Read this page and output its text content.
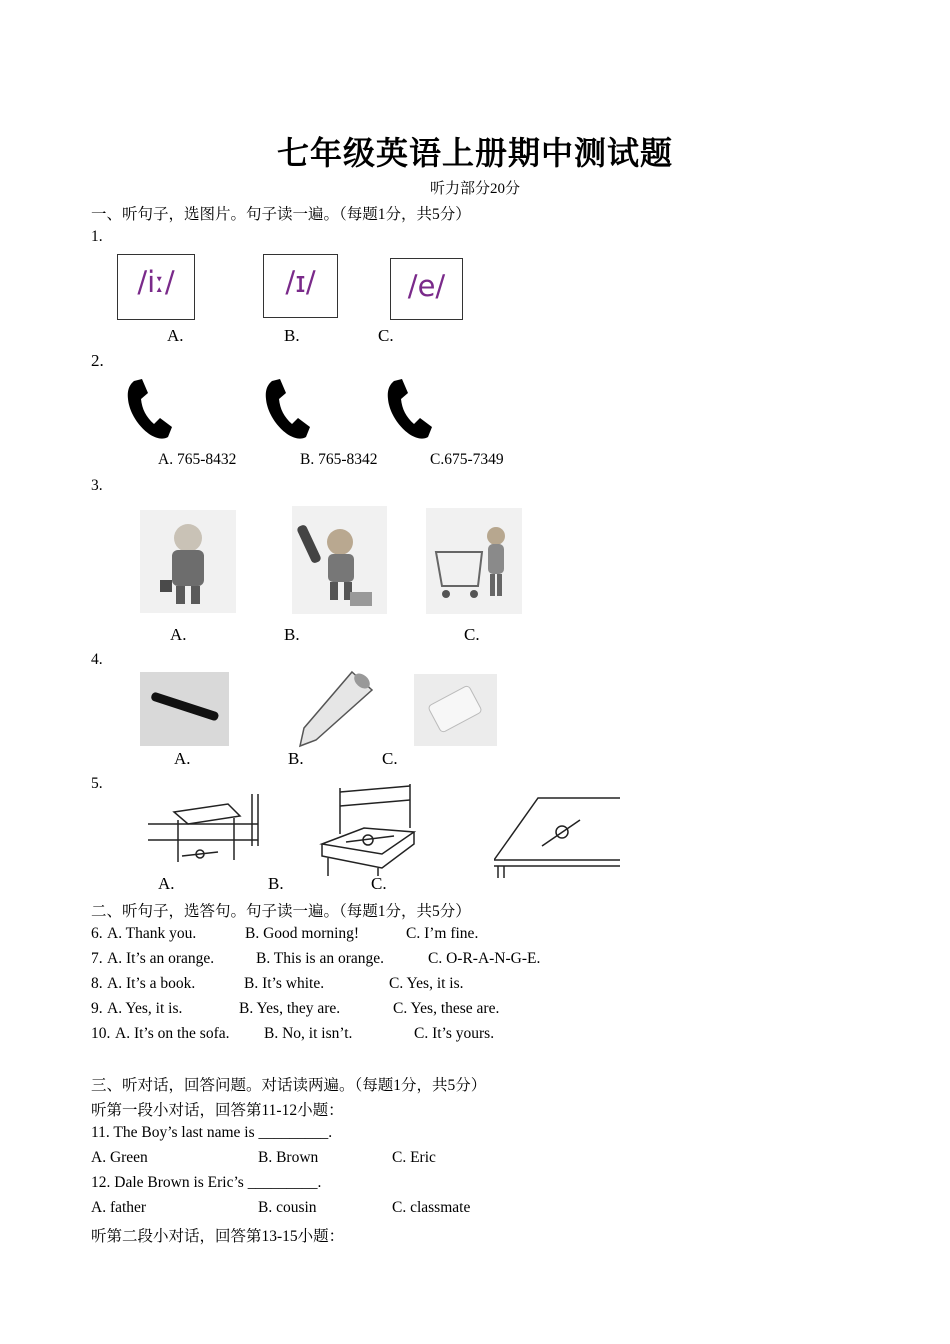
七年级英语上册期中测试题
听力部分20分
一、听句子，选图片。句子读一遍。（每题1分，共5分）
1.
/iː/	/ɪ/	/e/
A.	B.	C.
2.
A. 765-8432	B. 765-8342	C.675-7349
3.
A.	B.	C.
4.
A.	B.	C.
5.
A.	B.	C.
二、听句子，选答句。句子读一遍。（每题1分，共5分）
6. A. Thank you.	B. Good morning!	C. I’m fine.
7. A. It’s an orange.	B. This is an orange.	C. O-R-A-N-G-E.
8. A. It’s a book.	B. It’s white.	C. Yes, it is.
9. A. Yes, it is.	B. Yes, they are.	C. Yes, these are.
10. A. It’s on the sofa. B. No, it isn’t.	C. It’s yours.
三、听对话，回答问题。对话读两遍。（每题1分，共5分）
听第一段小对话，回答第11-12小题：
11. The Boy’s last name is _________.
A. Green	B. Brown	C. Eric
12. Dale Brown is Eric’s _________.
A. father	B. cousin	C. classmate
听第二段小对话，回答第13-15小题：
